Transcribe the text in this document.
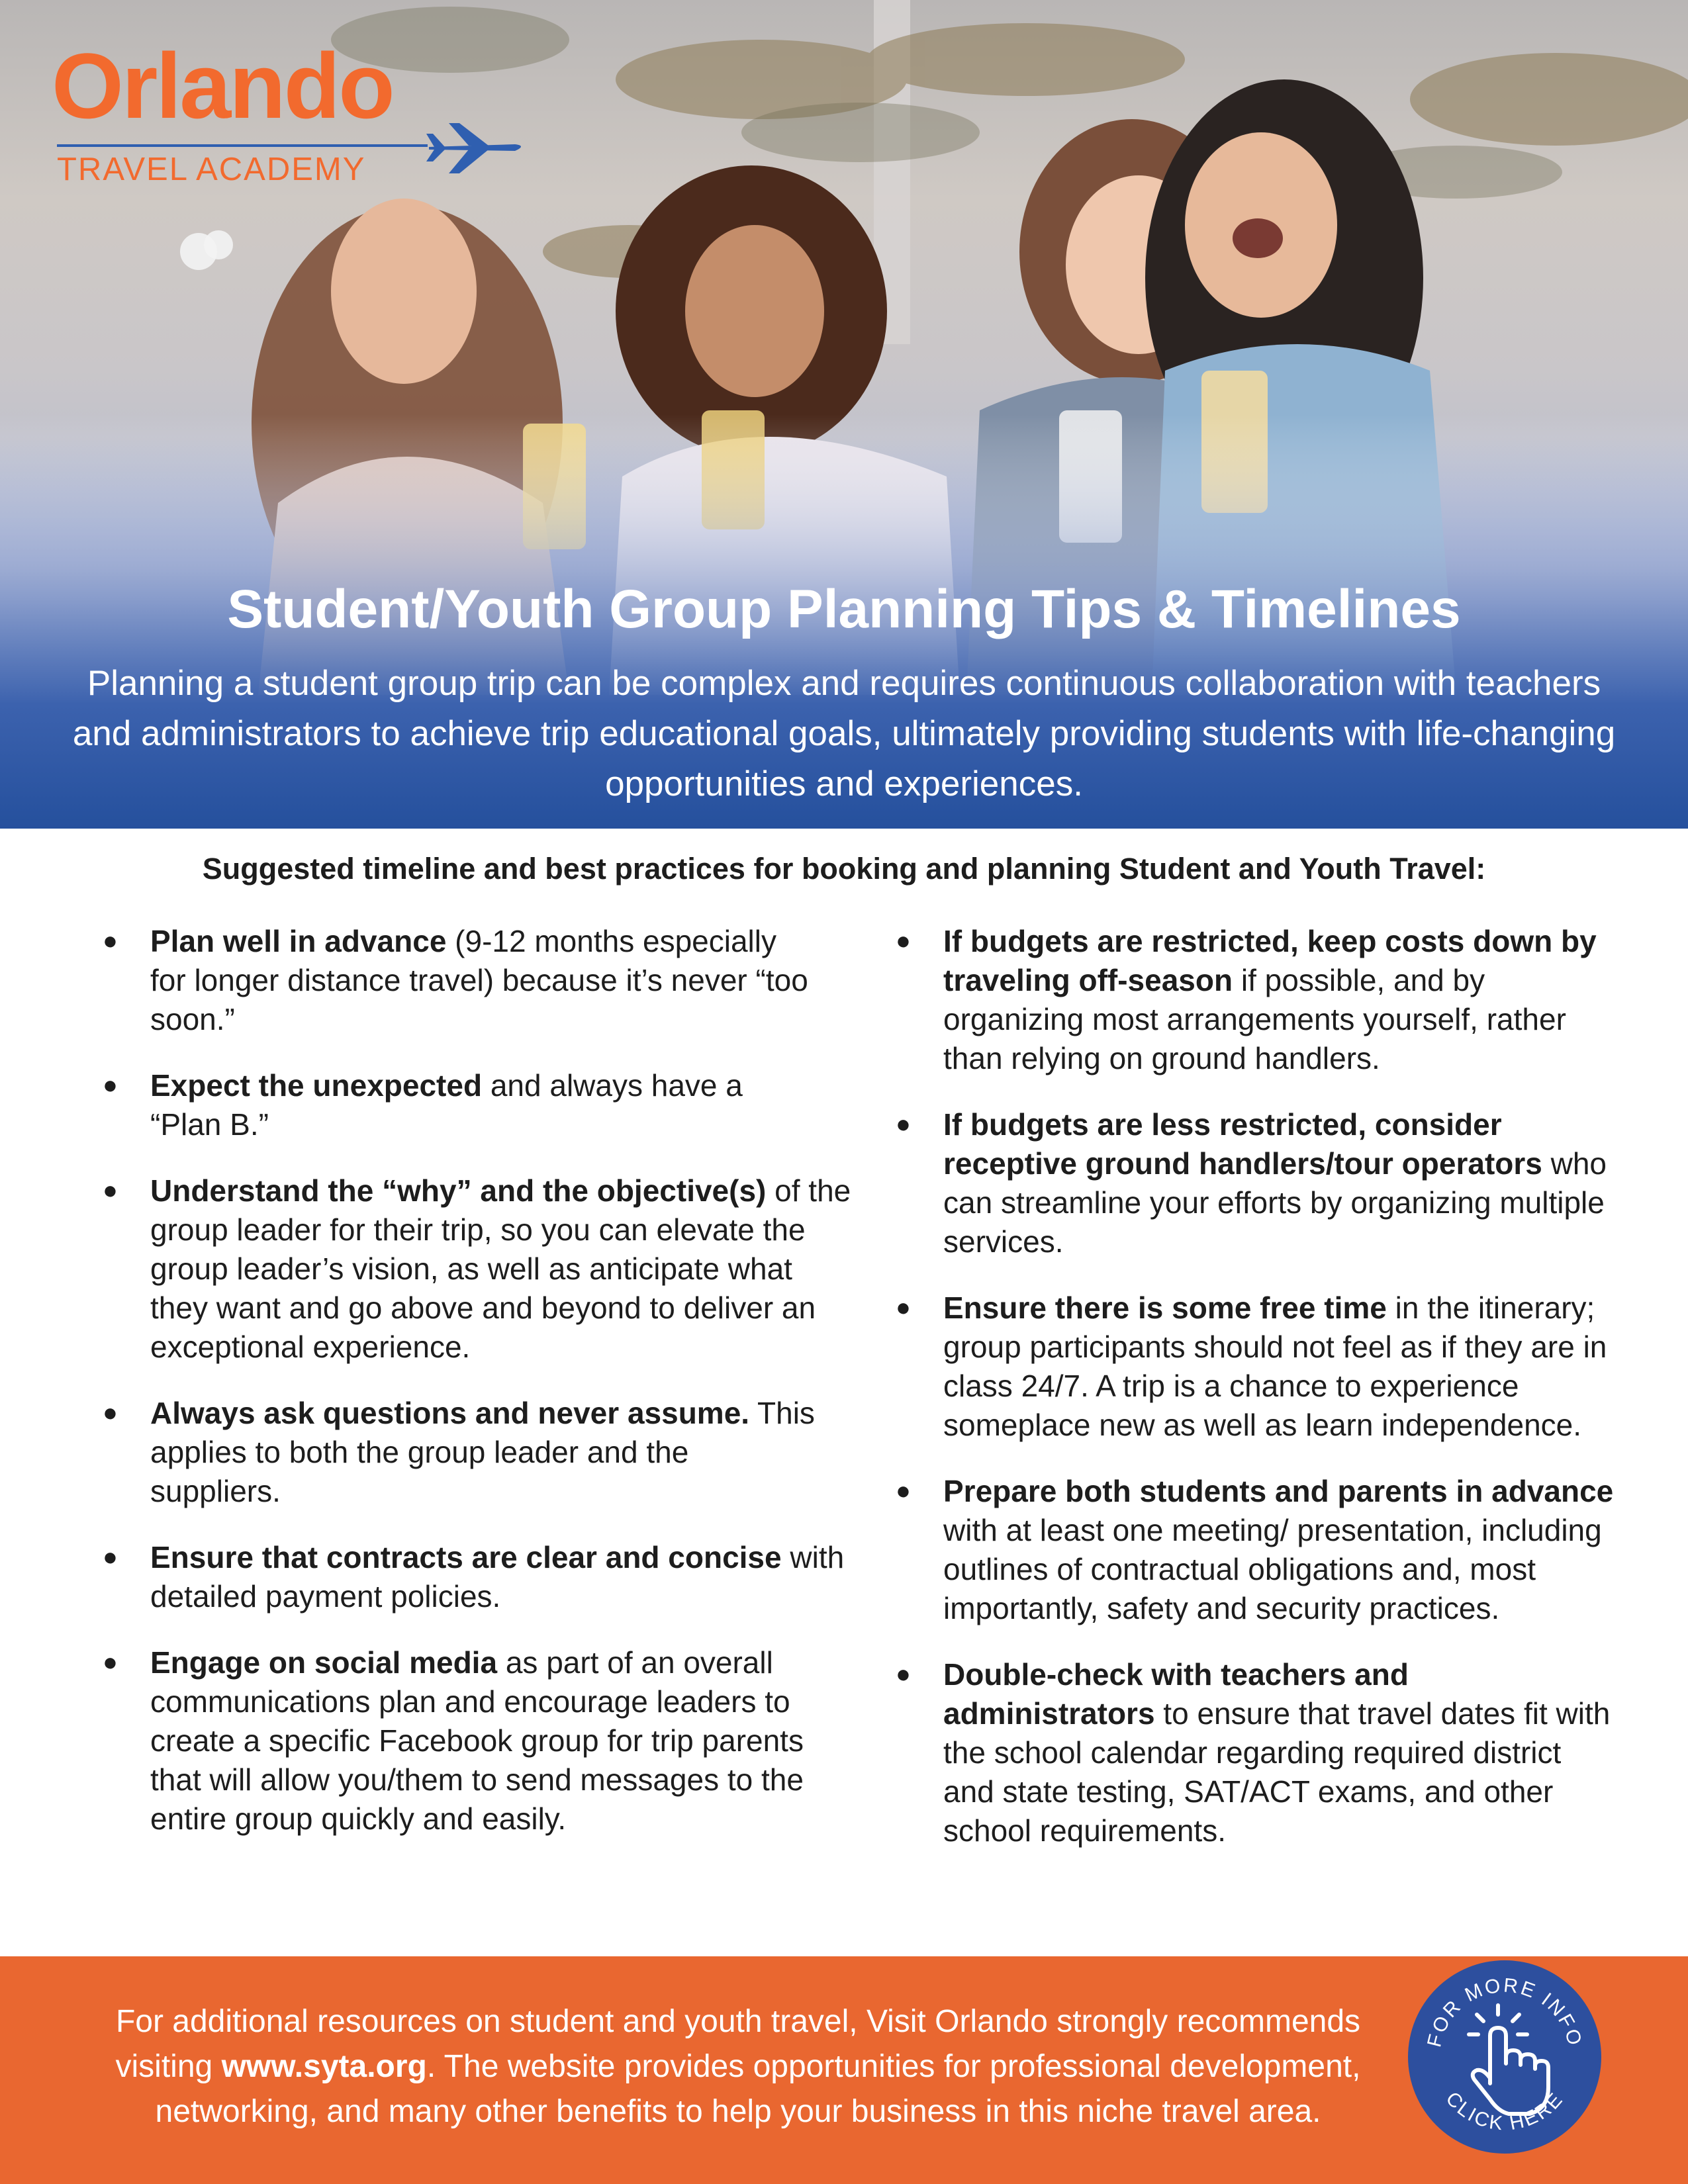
Orlando
TRAVEL ACADEMY
Student/Youth Group Planning Tips & Timelines
Planning a student group trip can be complex and requires continuous collaboration with teachers and administrators to achieve trip educational goals, ultimately providing students with life-changing opportunities and experiences.
Suggested timeline and best practices for booking and planning Student and Youth Travel:
● Plan well in advance (9-12 months especially for longer distance travel) because it’s never “too soon.”
● Expect the unexpected and always have a “Plan B.”
● Understand the “why” and the objective(s) of the group leader for their trip, so you can elevate the group leader’s vision, as well as anticipate what they want and go above and beyond to deliver an exceptional experience.
● Always ask questions and never assume. This applies to both the group leader and the suppliers.
● Ensure that contracts are clear and concise with detailed payment policies.
● Engage on social media as part of an overall communications plan and encourage leaders to create a specific Facebook group for trip parents that will allow you/them to send messages to the entire group quickly and easily.
● If budgets are restricted, keep costs down by traveling off-season if possible, and by organizing most arrangements yourself, rather than relying on ground handlers.
● If budgets are less restricted, consider receptive ground handlers/tour operators who can streamline your efforts by organizing multiple services.
● Ensure there is some free time in the itinerary; group participants should not feel as if they are in class 24/7. A trip is a chance to experience someplace new as well as learn independence.
● Prepare both students and parents in advance with at least one meeting/ presentation, including outlines of contractual obligations and, most importantly, safety and security practices.
● Double-check with teachers and administrators to ensure that travel dates fit with the school calendar regarding required district and state testing, SAT/ACT exams, and other school requirements.
For additional resources on student and youth travel, Visit Orlando strongly recommends visiting www.syta.org. The website provides opportunities for professional development, networking, and many other benefits to help your business in this niche travel area.
FOR MORE INFO
CLICK HERE
